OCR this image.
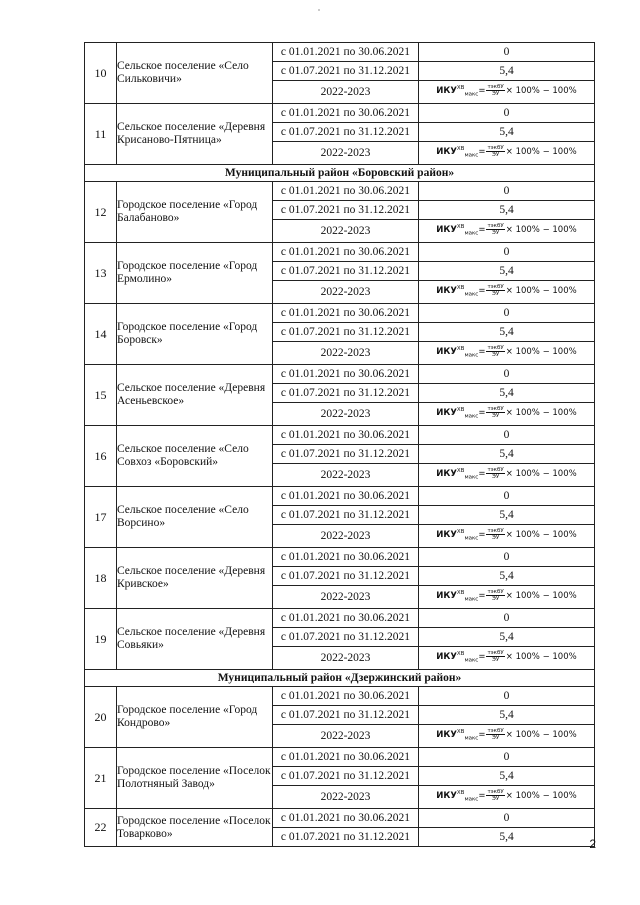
10	Сельское поселение «Село Сильковичи»	с 01.01.2021 по 30.06.2021	0
		с 01.07.2021 по 31.12.2021	5,4
		2022-2023	$ИКУ^{ХВ}_{макс}= \frac{\text{тэкбУ}}{ЭУ} \times 100\% - 100\%$
11	Сельское поселение «Деревня Крисаново-Пятница»	с 01.01.2021 по 30.06.2021	0
		с 01.07.2021 по 31.12.2021	5,4
		2022-2023	$ИКУ^{ХВ}_{макс}= \frac{\text{тэкбУ}}{ЭУ} \times 100\% - 100\%$
Муниципальный район «Боровский район»			
12	Городское поселение «Город Балабаново»	с 01.01.2021 по 30.06.2021	0
		с 01.07.2021 по 31.12.2021	5,4
		2022-2023	$ИКУ^{ХВ}_{макс}= \frac{\text{тэкбУ}}{ЭУ} \times 100\% - 100\%$
13	Городское поселение «Город Ермолино»	с 01.01.2021 по 30.06.2021	0
		с 01.07.2021 по 31.12.2021	5,4
		2022-2023	$ИКУ^{ХВ}_{макс}= \frac{\text{тэкбУ}}{ЭУ} \times 100\% - 100\%$
14	Городское поселение «Город Боровск»	с 01.01.2021 по 30.06.2021	0
		с 01.07.2021 по 31.12.2021	5,4
		2022-2023	$ИКУ^{ХВ}_{макс}= \frac{\text{тэкбУ}}{ЭУ} \times 100\% - 100\%$
15	Сельское поселение «Деревня Асеньевское»	с 01.01.2021 по 30.06.2021	0
		с 01.07.2021 по 31.12.2021	5,4
		2022-2023	$ИКУ^{ХВ}_{макс}= \frac{\text{тэкбУ}}{ЭУ} \times 100\% - 100\%$
16	Сельское поселение «Село Совхоз «Боровский»	с 01.01.2021 по 30.06.2021	0
		с 01.07.2021 по 31.12.2021	5,4
		2022-2023	$ИКУ^{ХВ}_{макс}= \frac{\text{тэкбУ}}{ЭУ} \times 100\% - 100\%$
17	Сельское поселение «Село Ворсино»	с 01.01.2021 по 30.06.2021	0
		с 01.07.2021 по 31.12.2021	5,4
		2022-2023	$ИКУ^{ХВ}_{макс}= \frac{\text{тэкбУ}}{ЭУ} \times 100\% - 100\%$
18	Сельское поселение «Деревня Кривское»	с 01.01.2021 по 30.06.2021	0
		с 01.07.2021 по 31.12.2021	5,4
		2022-2023	$ИКУ^{ХВ}_{макс}= \frac{\text{тэкбУ}}{ЭУ} \times 100\% - 100\%$
19	Сельское поселение «Деревня Совьяки»	с 01.01.2021 по 30.06.2021	0
		с 01.07.2021 по 31.12.2021	5,4
		2022-2023	$ИКУ^{ХВ}_{макс}= \frac{\text{тэкбУ}}{ЭУ} \times 100\% - 100\%$
Муниципальный район «Дзержинский район»			
20	Городское поселение «Город Кондрово»	с 01.01.2021 по 30.06.2021	0
		с 01.07.2021 по 31.12.2021	5,4
		2022-2023	$ИКУ^{ХВ}_{макс}= \frac{\text{тэкбУ}}{ЭУ} \times 100\% - 100\%$
21	Городское поселение «Поселок Полотняный Завод»	с 01.01.2021 по 30.06.2021	0
		с 01.07.2021 по 31.12.2021	5,4
		2022-2023	$ИКУ^{ХВ}_{макс}= \frac{\text{тэкбУ}}{ЭУ} \times 100\% - 100\%$
22	Городское поселение «Поселок Товарково»	с 01.01.2021 по 30.06.2021	0
		с 01.07.2021 по 31.12.2021	5,4
2
